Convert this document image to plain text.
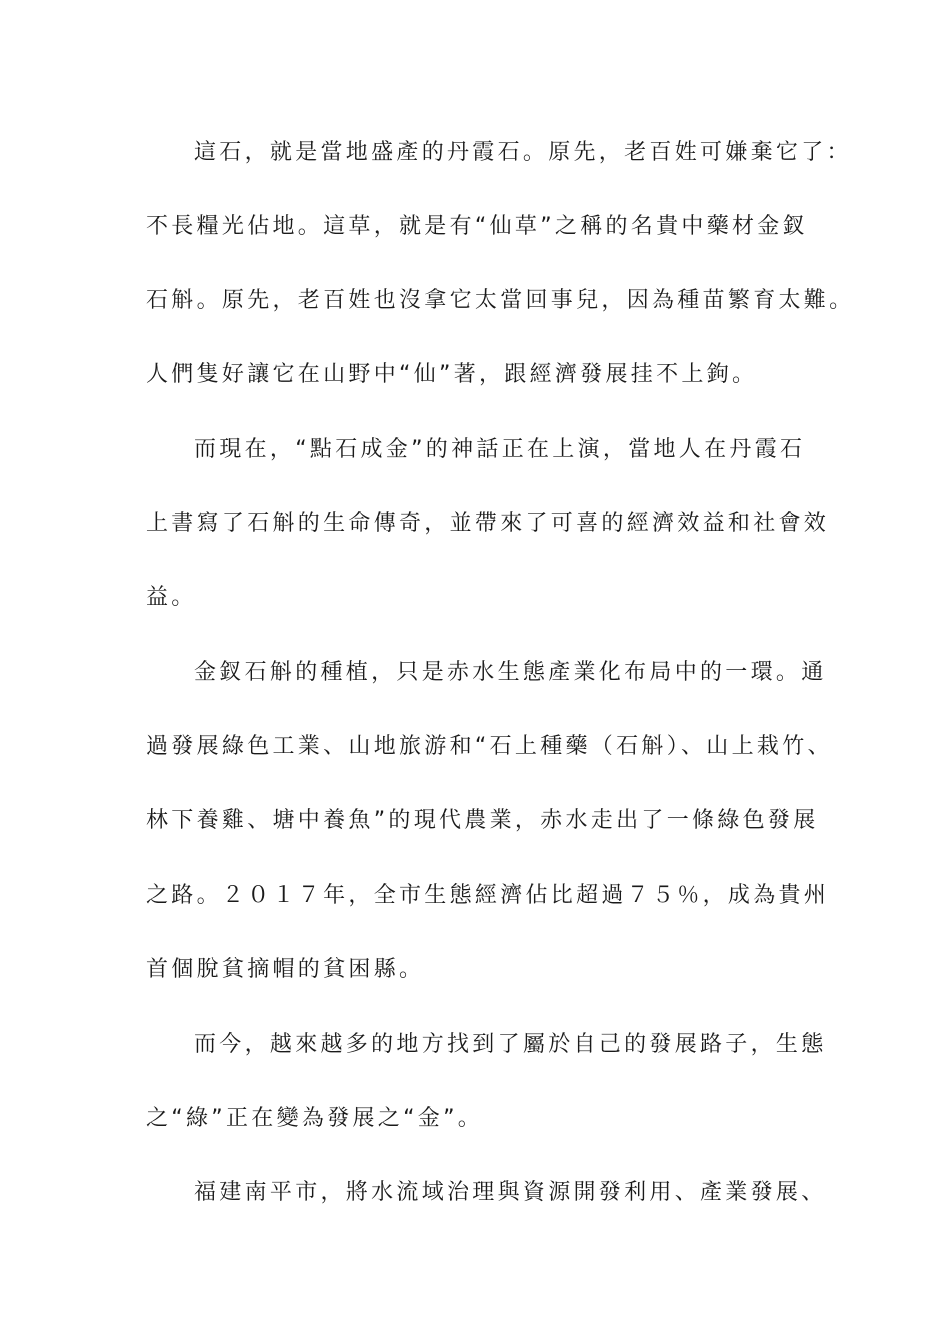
這石，就是當地盛產的丹霞石。原先，老百姓可嫌棄它了：
不長糧光佔地。這草，就是有“仙草”之稱的名貴中藥材金釵
石斛。原先，老百姓也沒拿它太當回事兒，因為種苗繁育太難。
人們隻好讓它在山野中“仙”著，跟經濟發展挂不上鉤。
而現在，“點石成金”的神話正在上演，當地人在丹霞石
上書寫了石斛的生命傳奇，並帶來了可喜的經濟效益和社會效
益。
金釵石斛的種植，只是赤水生態產業化布局中的一環。通
過發展綠色工業、山地旅游和“石上種藥（石斛）、山上栽竹、
林下養雞、塘中養魚”的現代農業，赤水走出了一條綠色發展
之路。２０１７年，全市生態經濟佔比超過７５％，成為貴州
首個脫貧摘帽的貧困縣。
而今，越來越多的地方找到了屬於自己的發展路子，生態
之“綠”正在變為發展之“金”。
福建南平市，將水流域治理與資源開發利用、產業發展、
